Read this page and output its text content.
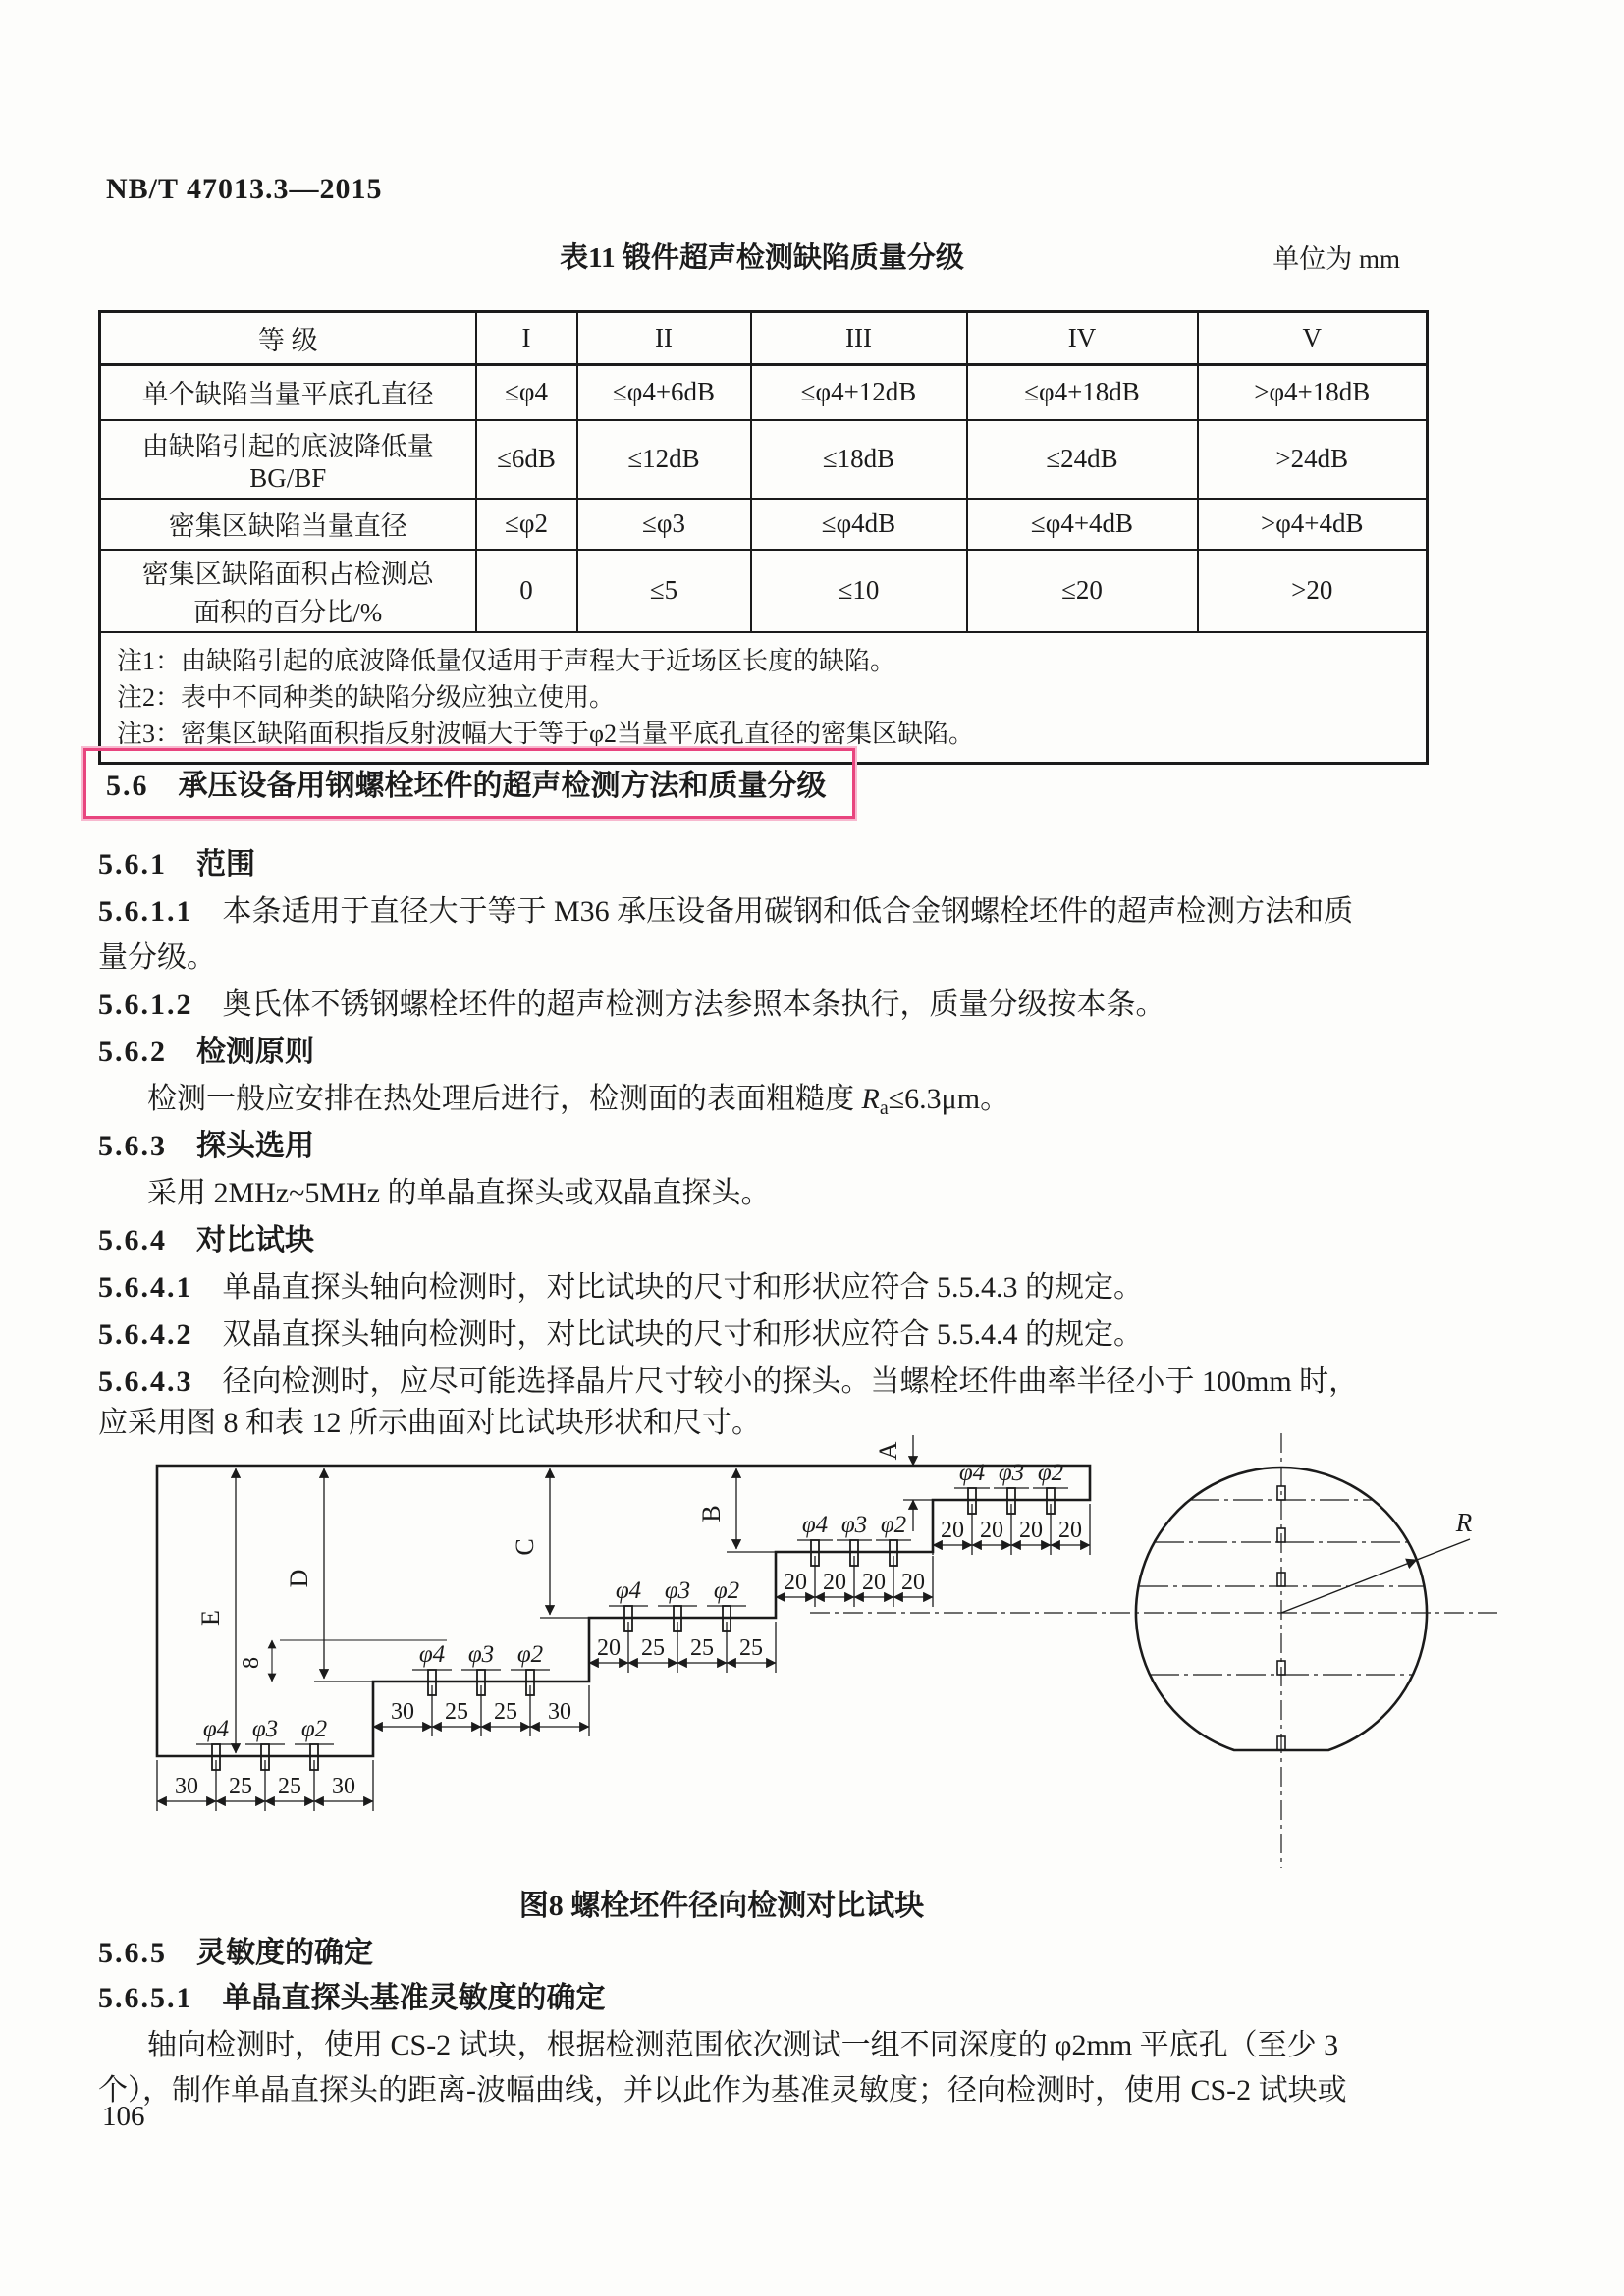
NB/T 47013.3—2015
表11 锻件超声检测缺陷质量分级	单位为 mm
等 级	I	II	III	IV	V
单个缺陷当量平底孔直径	≤φ4	≤φ4+6dB	≤φ4+12dB	≤φ4+18dB	>φ4+18dB

由缺陷引起的底波降低量
BG/BF	≤6dB	≤12dB	≤18dB	≤24dB	>24dB
密集区缺陷当量直径	≤φ2	≤φ3	≤φ4dB	≤φ4+4dB	>φ4+4dB

密集区缺陷面积占检测总
面积的百分比/%	0	≤5	≤10	≤20	>20

注1：由缺陷引起的底波降低量仅适用于声程大于近场区长度的缺陷。
注2：表中不同种类的缺陷分级应独立使用。
注3：密集区缺陷面积指反射波幅大于等于φ2当量平底孔直径的密集区缺陷。					
5.6 承压设备用钢螺栓坯件的超声检测方法和质量分级
5.6.1 范围
5.6.1.1 本条适用于直径大于等于 M36 承压设备用碳钢和低合金钢螺栓坯件的超声检测方法和质
量分级。
5.6.1.2 奥氏体不锈钢螺栓坯件的超声检测方法参照本条执行，质量分级按本条。
5.6.2 检测原则
检测一般应安排在热处理后进行，检测面的表面粗糙度 $R_a\le 6.3\mu m$。
5.6.3 探头选用
采用 2MHz~5MHz 的单晶直探头或双晶直探头。
5.6.4 对比试块
5.6.4.1 单晶直探头轴向检测时，对比试块的尺寸和形状应符合 5.5.4.3 的规定。
5.6.4.2 双晶直探头轴向检测时，对比试块的尺寸和形状应符合 5.5.4.4 的规定。
5.6.4.3 径向检测时，应尽可能选择晶片尺寸较小的探头。当螺栓坯件曲率半径小于 100mm 时，
应采用图 8 和表 12 所示曲面对比试块形状和尺寸。
φ4 φ3 φ2
30 25 25 30
φ4 φ3 φ2
30 25 25 30
φ4 φ3 φ2
20 25 25 25
φ4 φ3 φ2
20 20 20 20
φ4 φ3 φ2
20 20 20 20
E
D
C
B
A
8
R
图8 螺栓坯件径向检测对比试块
5.6.5 灵敏度的确定
5.6.5.1 单晶直探头基准灵敏度的确定
轴向检测时，使用 CS-2 试块，根据检测范围依次测试一组不同深度的 φ2mm 平底孔（至少 3
个），制作单晶直探头的距离-波幅曲线，并以此作为基准灵敏度；径向检测时，使用 CS-2 试块或
106
